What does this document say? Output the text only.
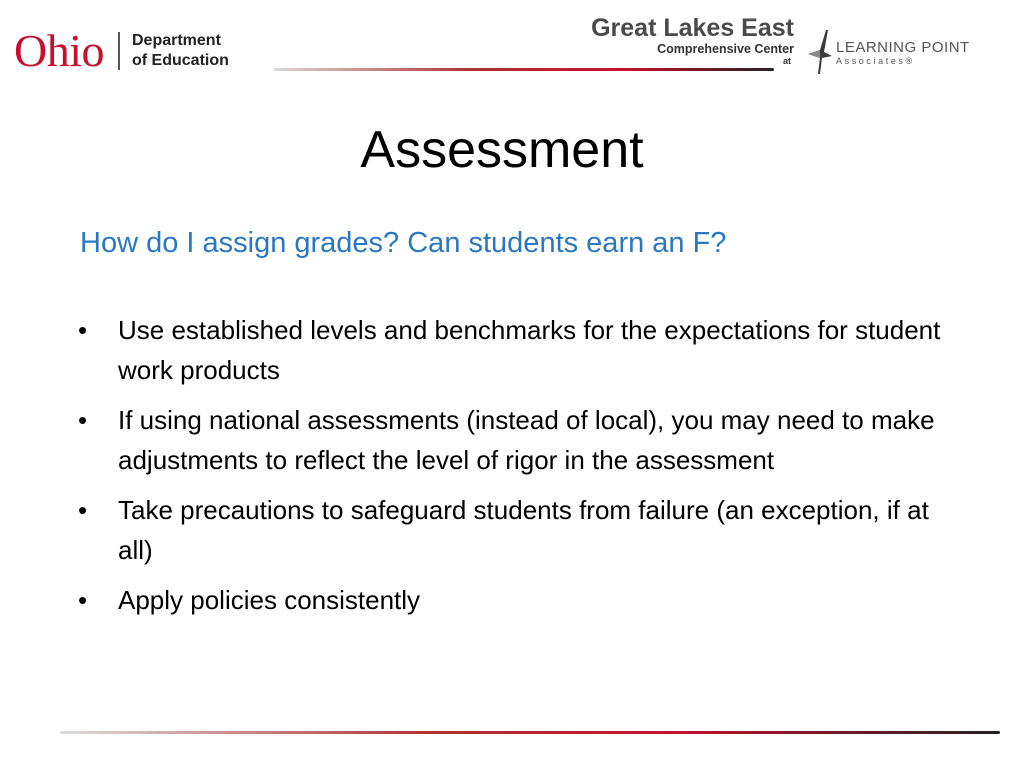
Ohio Department
of Education
Great Lakes East
Comprehensive Center
at
LEARNING POINT
Associates®
Assessment
How do I assign grades? Can students earn an F?
• Use established levels and benchmarks for the expectations for student work products
• If using national assessments (instead of local), you may need to make adjustments to reflect the level of rigor in the assessment
• Take precautions to safeguard students from failure (an exception, if at all)
• Apply policies consistently
